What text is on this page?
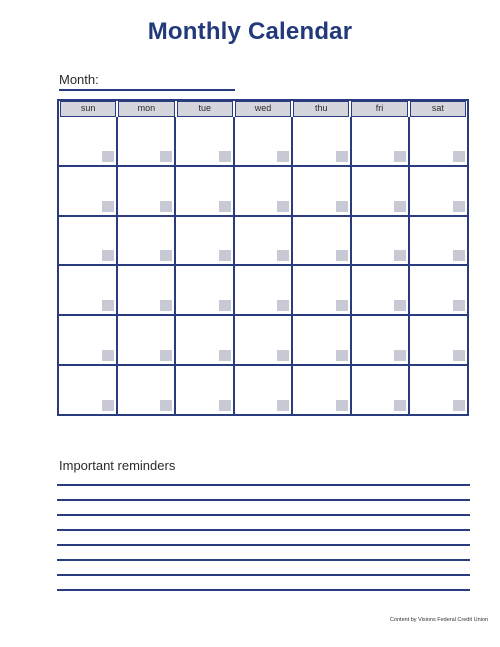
Monthly Calendar
Month:
sun	mon	tue	wed	thu	fri	sat
Important reminders
Content by Visions Federal Credit Union
